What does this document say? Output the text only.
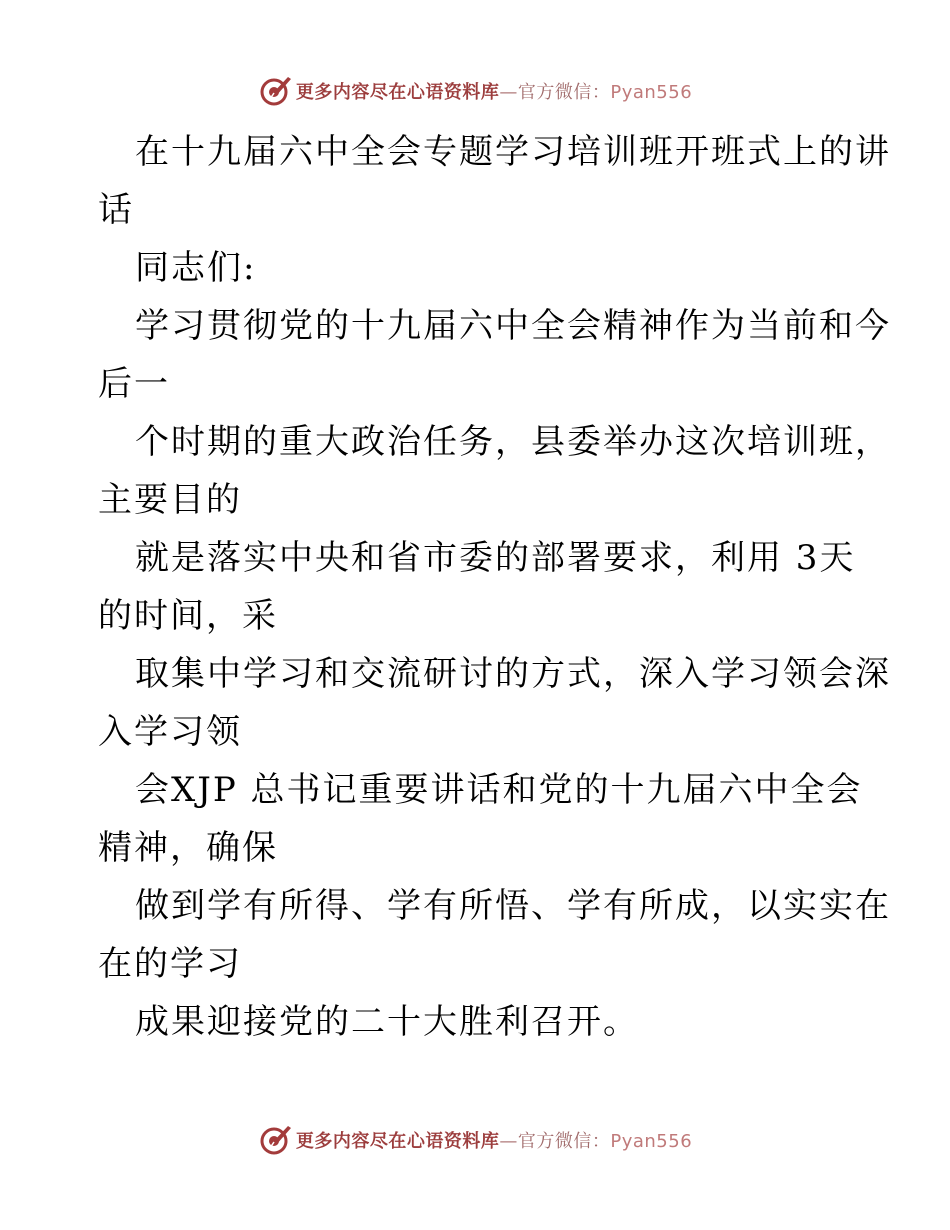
更多内容尽在心语资料库—官方微信：Pyan556
在十九届六中全会专题学习培训班开班式上的讲
话
同志们:
学习贯彻党的十九届六中全会精神作为当前和今
后一
个时期的重大政治任务，县委举办这次培训班，
主要目的
就是落实中央和省市委的部署要求，利用 3天
的时间，采
取集中学习和交流研讨的方式，深入学习领会深
入学习领
会XJP 总书记重要讲话和党的十九届六中全会
精神，确保
做到学有所得、学有所悟、学有所成，以实实在
在的学习
成果迎接党的二十大胜利召开。
更多内容尽在心语资料库—官方微信：Pyan556
